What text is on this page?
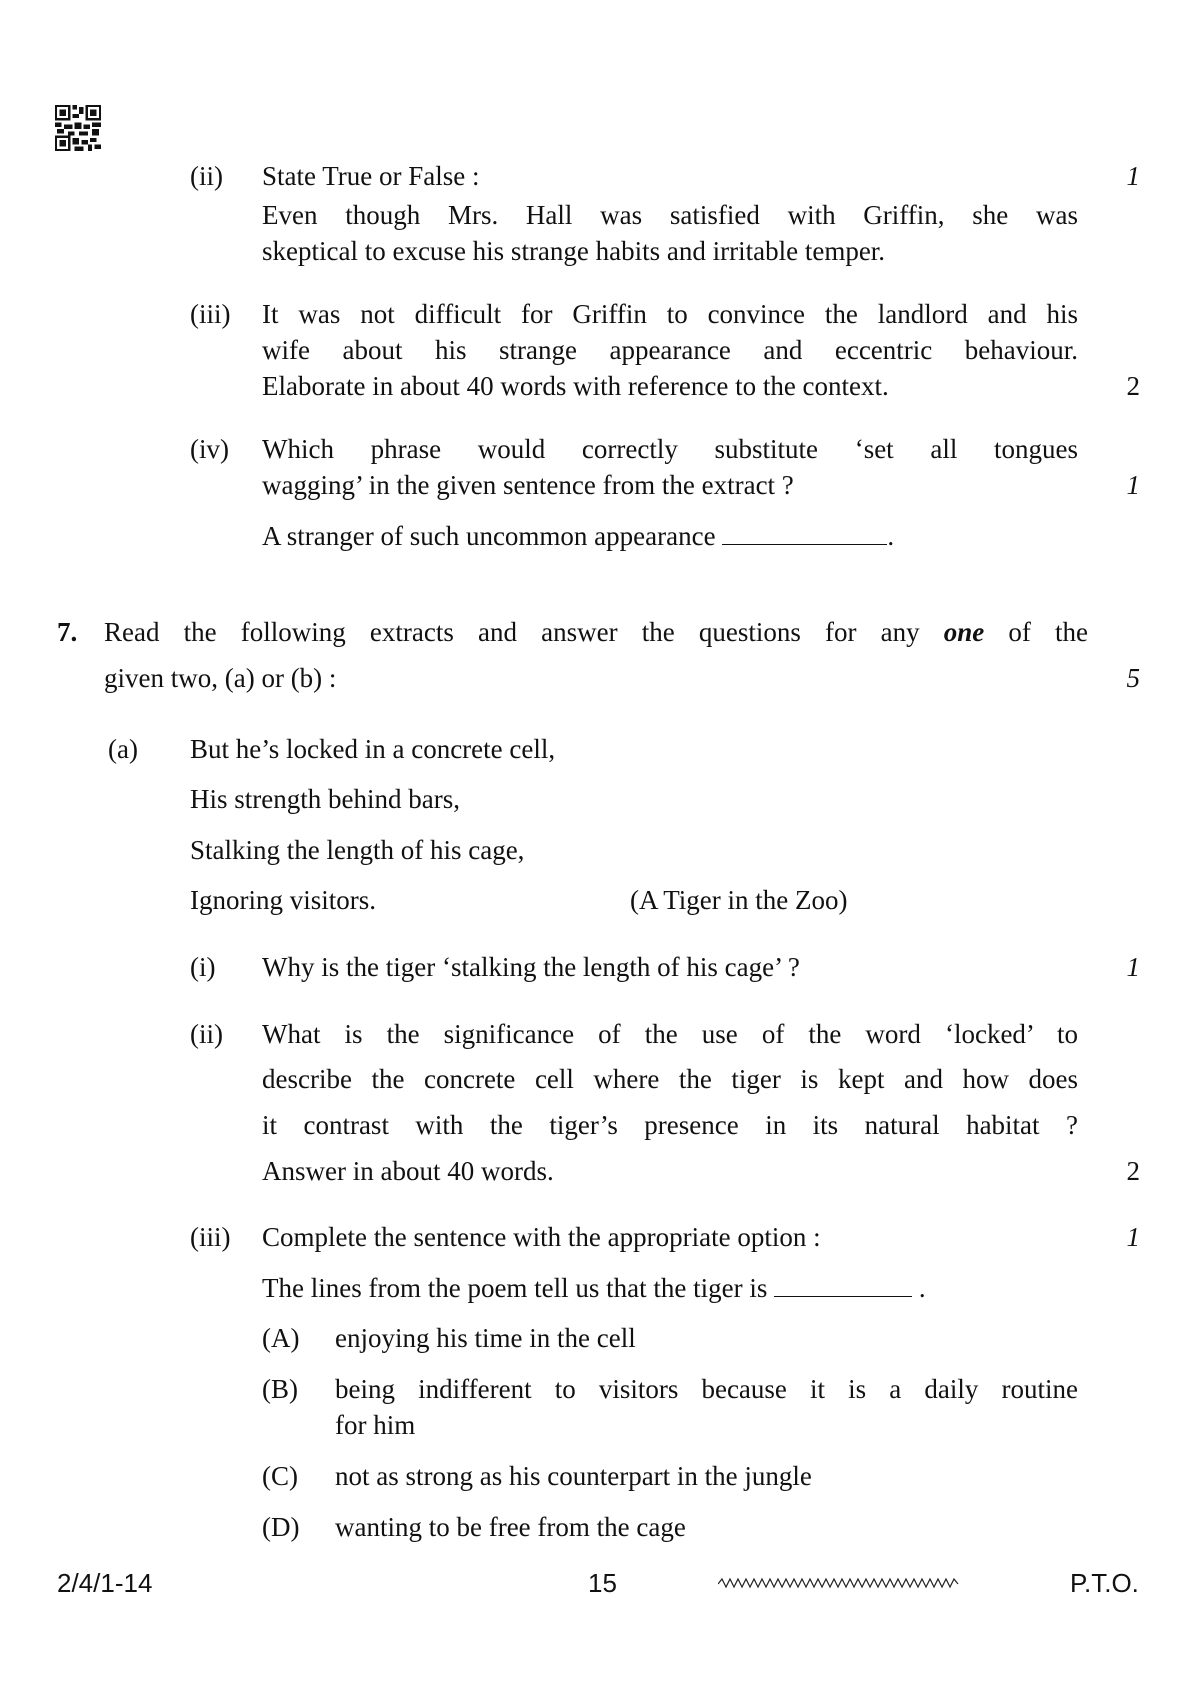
(ii) State True or False :	1
Even though Mrs. Hall was satisfied with Griffin, she was
skeptical to excuse his strange habits and irritable temper.
(iii) It was not difficult for Griffin to convince the landlord and his
wife about his strange appearance and eccentric behaviour.
Elaborate in about 40 words with reference to the context.	2
(iv) Which phrase would correctly substitute ‘set all tongues
wagging’ in the given sentence from the extract ?	1
A stranger of such uncommon appearance	.
7. Read the following extracts and answer the questions for any one of the
given two, (a) or (b) :	5
(a) But he’s locked in a concrete cell,
His strength behind bars,
Stalking the length of his cage,
Ignoring visitors.	(A Tiger in the Zoo)
(i) Why is the tiger ‘stalking the length of his cage’ ?	1
(ii) What is the significance of the use of the word ‘locked’ to
describe the concrete cell where the tiger is kept and how does
it contrast with the tiger’s presence in its natural habitat ?
Answer in about 40 words.	2
(iii) Complete the sentence with the appropriate option :	1
The lines from the poem tell us that the tiger is	.
(A) enjoying his time in the cell
(B) being indifferent to visitors because it is a daily routine
for him
(C) not as strong as his counterpart in the jungle
(D) wanting to be free from the cage
2/4/1-14	15	P.T.O.
